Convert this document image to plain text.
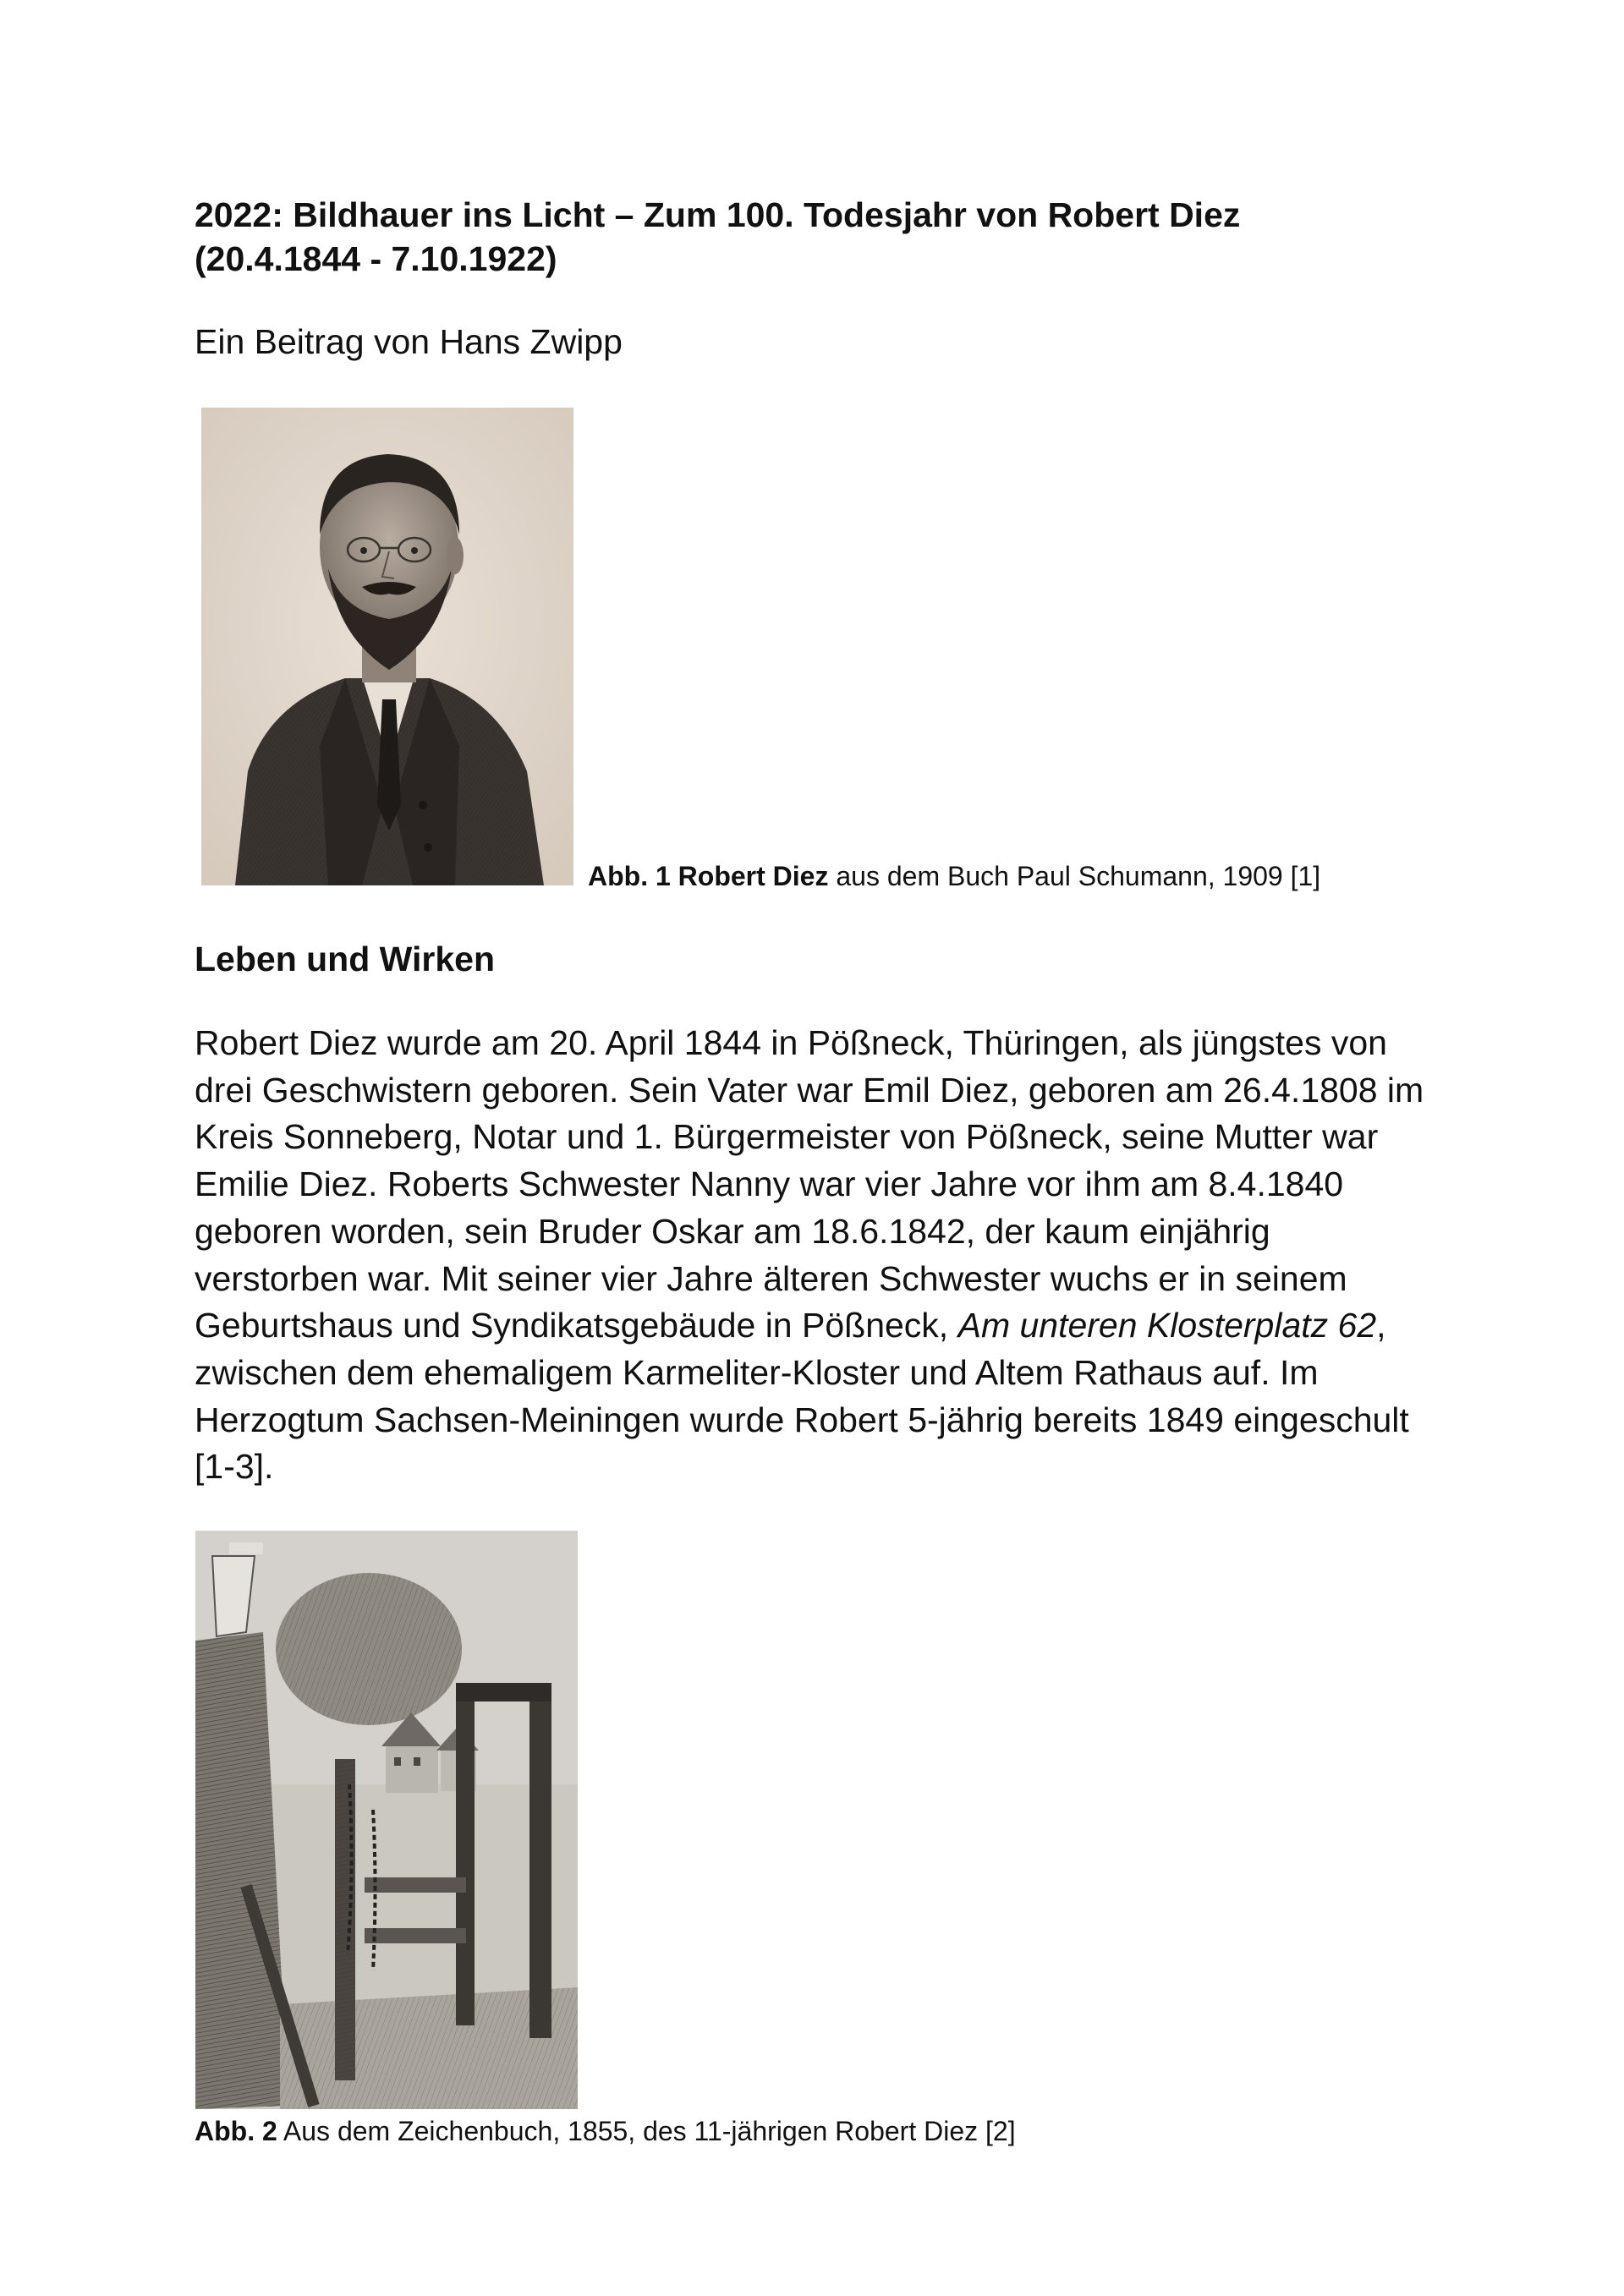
2022: Bildhauer ins Licht – Zum 100. Todesjahr von Robert Diez
(20.4.1844 - 7.10.1922)

Ein Beitrag von Hans Zwipp

Abb. 1 Robert Diez aus dem Buch Paul Schumann, 1909 [1]

Leben und Wirken

Robert Diez wurde am 20. April 1844 in Pößneck, Thüringen, als jüngstes von
drei Geschwistern geboren. Sein Vater war Emil Diez, geboren am 26.4.1808 im
Kreis Sonneberg, Notar und 1. Bürgermeister von Pößneck, seine Mutter war
Emilie Diez. Roberts Schwester Nanny war vier Jahre vor ihm am 8.4.1840
geboren worden, sein Bruder Oskar am 18.6.1842, der kaum einjährig
verstorben war. Mit seiner vier Jahre älteren Schwester wuchs er in seinem
Geburtshaus und Syndikatsgebäude in Pößneck, Am unteren Klosterplatz 62,
zwischen dem ehemaligem Karmeliter-Kloster und Altem Rathaus auf. Im
Herzogtum Sachsen-Meiningen wurde Robert 5-jährig bereits 1849 eingeschult
[1-3].

Abb. 2 Aus dem Zeichenbuch, 1855, des 11-jährigen Robert Diez [2]
